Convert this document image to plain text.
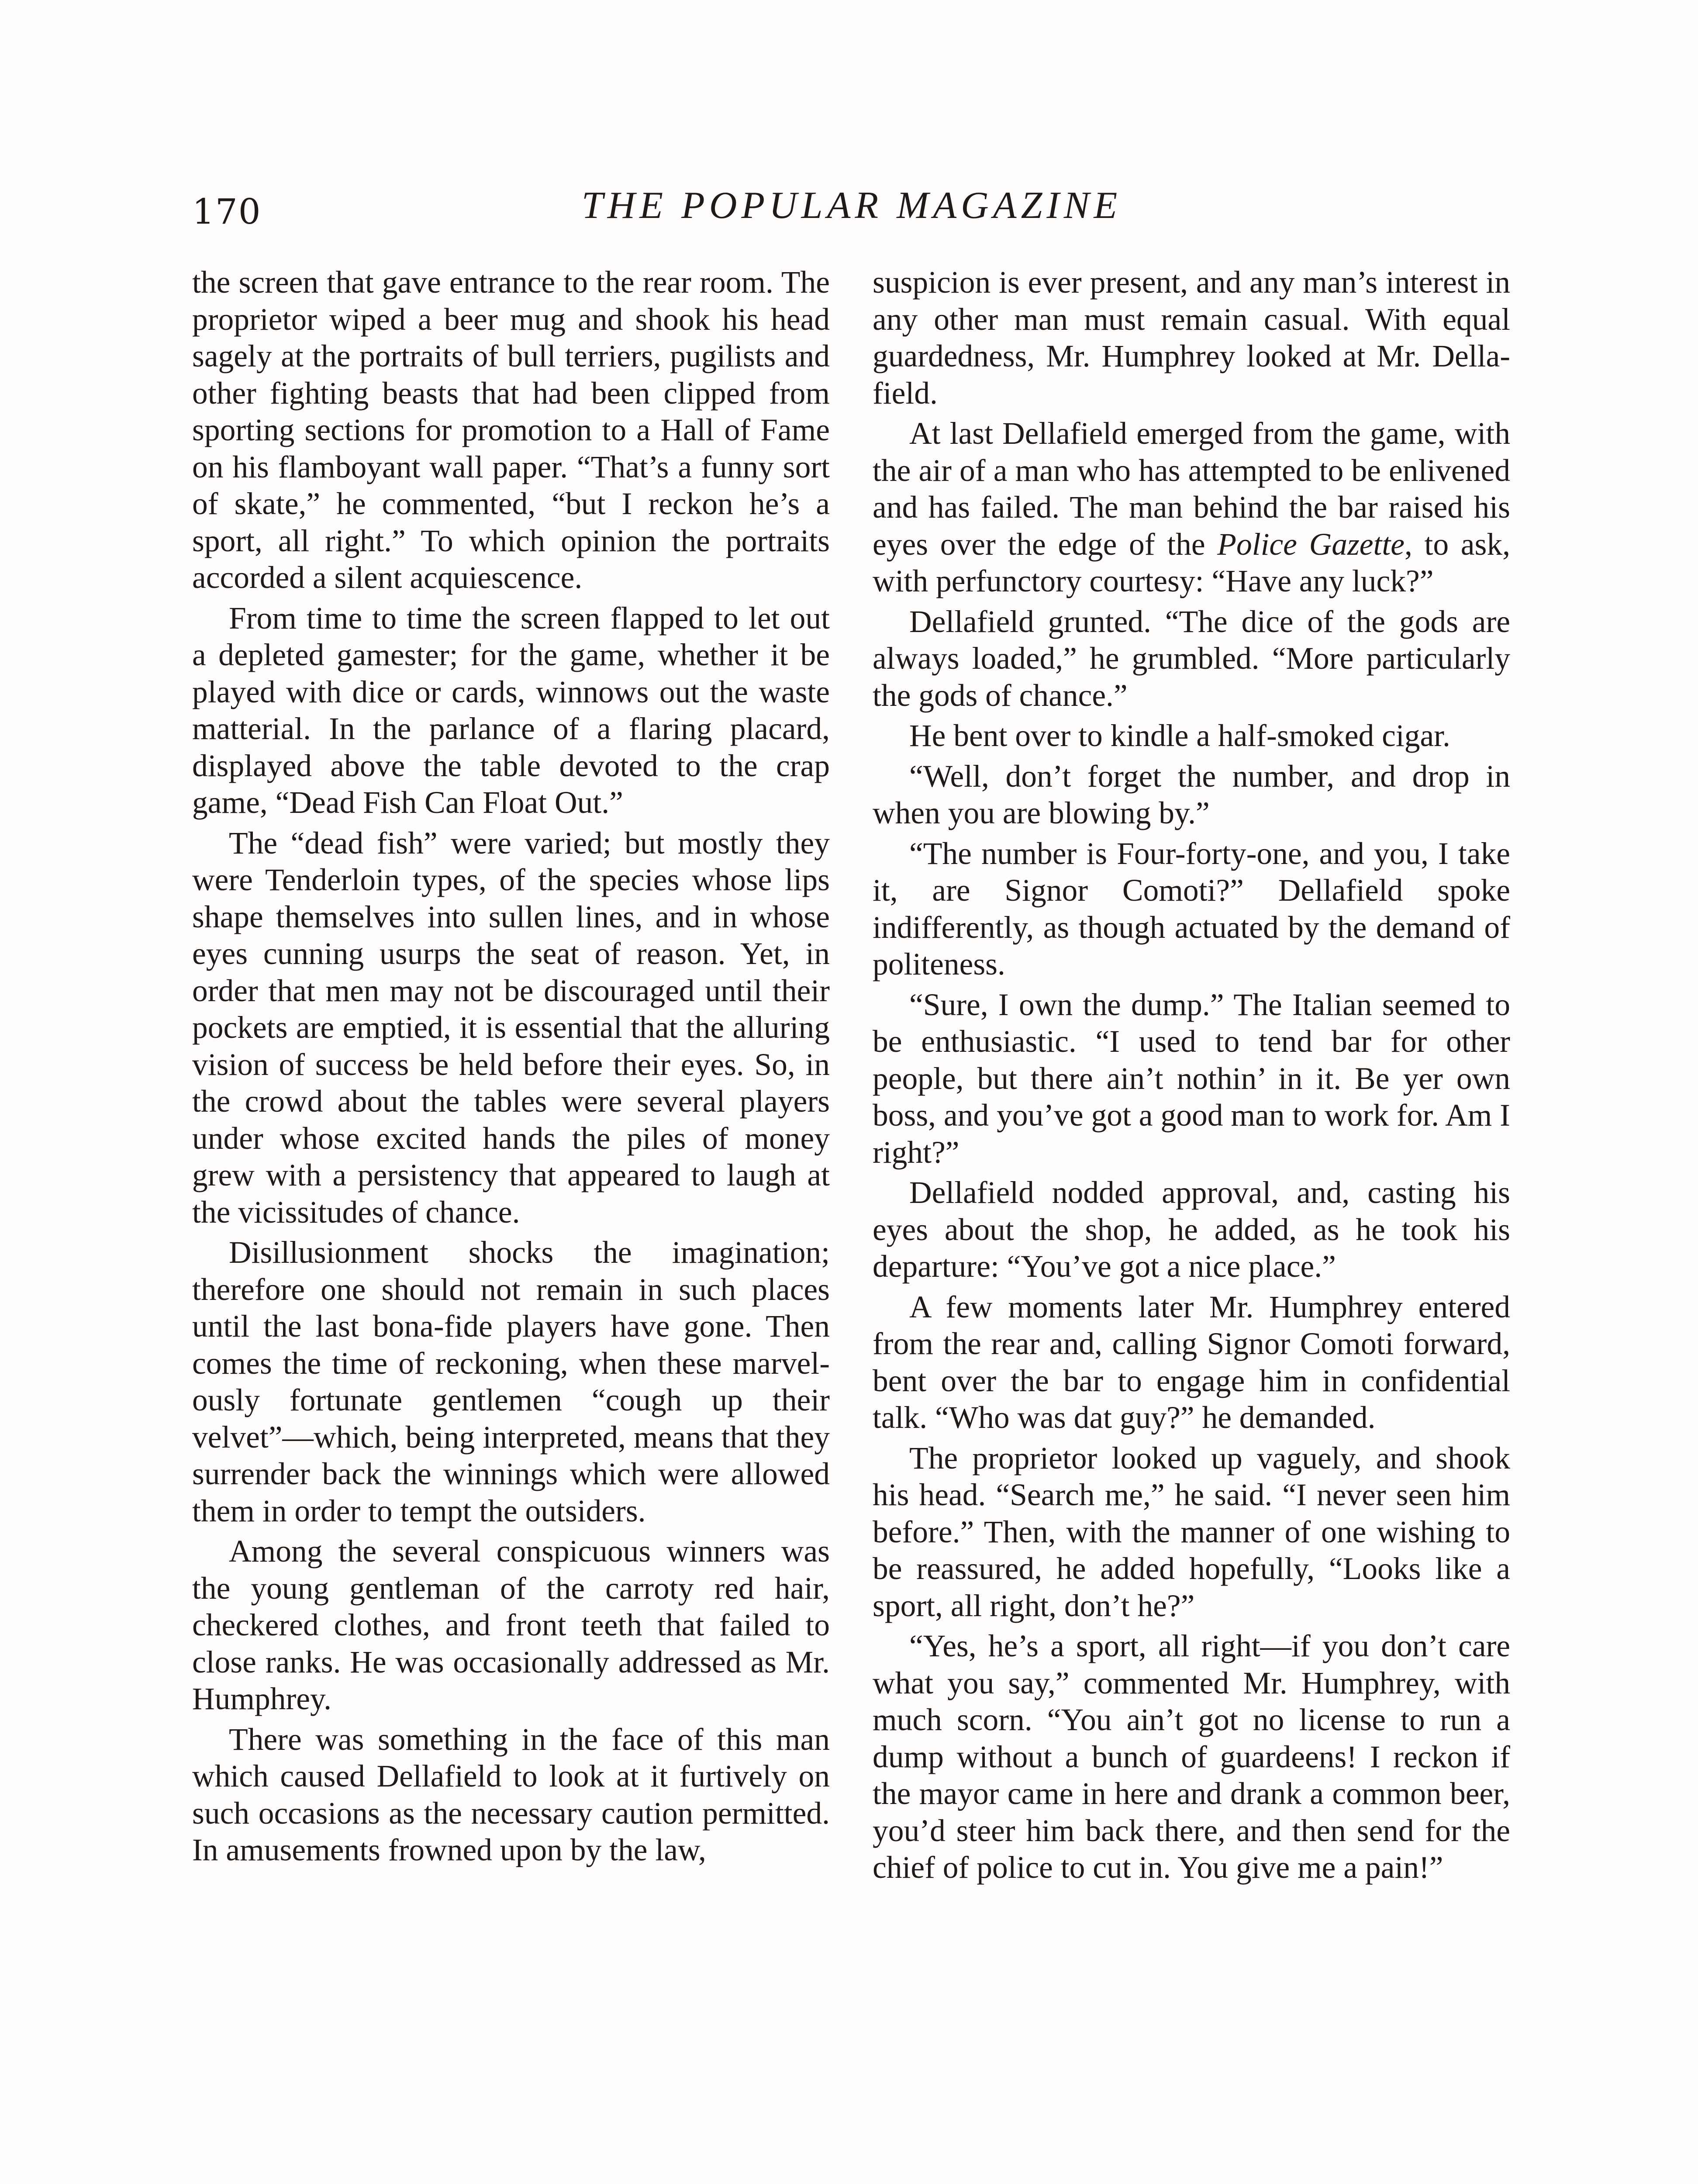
170	THE POPULAR MAGAZINE

the screen that gave entrance to the rear room. The proprietor wiped a beer mug and shook his head sagely at the portraits of bull terriers, pugilists and other fighting beasts that had been clipped from sporting sections for promotion to a Hall of Fame on his flamboyant wall paper. “That’s a funny sort of skate,” he commented, “but I reckon he’s a sport, all right.” To which opinion the portraits accorded a silent acquiescence.

From time to time the screen flapped to let out a depleted gamester; for the game, whether it be played with dice or cards, winnows out the waste matterial. In the parlance of a flaring placard, displayed above the table devoted to the crap game, “Dead Fish Can Float Out.”

The “dead fish” were varied; but mostly they were Tenderloin types, of the species whose lips shape themselves into sullen lines, and in whose eyes cunning usurps the seat of reason. Yet, in order that men may not be discouraged until their pockets are emptied, it is essential that the alluring vision of success be held before their eyes. So, in the crowd about the tables were several players under whose excited hands the piles of money grew with a persistency that appeared to laugh at the vicissitudes of chance.

Disillusionment shocks the imagination; therefore one should not remain in such places until the last bona-fide players have gone. Then comes the time of reckoning, when these marvelously fortunate gentlemen “cough up their velvet”—which, being interpreted, means that they surrender back the winnings which were allowed them in order to tempt the outsiders.

Among the several conspicuous winners was the young gentleman of the carroty red hair, checkered clothes, and front teeth that failed to close ranks. He was occasionally addressed as Mr. Humphrey.

There was something in the face of this man which caused Dellafield to look at it furtively on such occasions as the necessary caution permitted. In amusements frowned upon by the law,

suspicion is ever present, and any man’s interest in any other man must remain casual. With equal guardedness, Mr. Humphrey looked at Mr. Dellafield.

At last Dellafield emerged from the game, with the air of a man who has attempted to be enlivened and has failed. The man behind the bar raised his eyes over the edge of the Police Gazette, to ask, with perfunctory courtesy: “Have any luck?”

Dellafield grunted. “The dice of the gods are always loaded,” he grumbled. “More particularly the gods of chance.”

He bent over to kindle a half-smoked cigar.

“Well, don’t forget the number, and drop in when you are blowing by.”

“The number is Four-forty-one, and you, I take it, are Signor Comoti?” Dellafield spoke indifferently, as though actuated by the demand of politeness.

“Sure, I own the dump.” The Italian seemed to be enthusiastic. “I used to tend bar for other people, but there ain’t nothin’ in it. Be yer own boss, and you’ve got a good man to work for. Am I right?”

Dellafield nodded approval, and, casting his eyes about the shop, he added, as he took his departure: “You’ve got a nice place.”

A few moments later Mr. Humphrey entered from the rear and, calling Signor Comoti forward, bent over the bar to engage him in confidential talk. “Who was dat guy?” he demanded.

The proprietor looked up vaguely, and shook his head. “Search me,” he said. “I never seen him before.” Then, with the manner of one wishing to be reassured, he added hopefully, “Looks like a sport, all right, don’t he?”

“Yes, he’s a sport, all right—if you don’t care what you say,” commented Mr. Humphrey, with much scorn. “You ain’t got no license to run a dump without a bunch of guardeens! I reckon if the mayor came in here and drank a common beer, you’d steer him back there, and then send for the chief of police to cut in. You give me a pain!”
